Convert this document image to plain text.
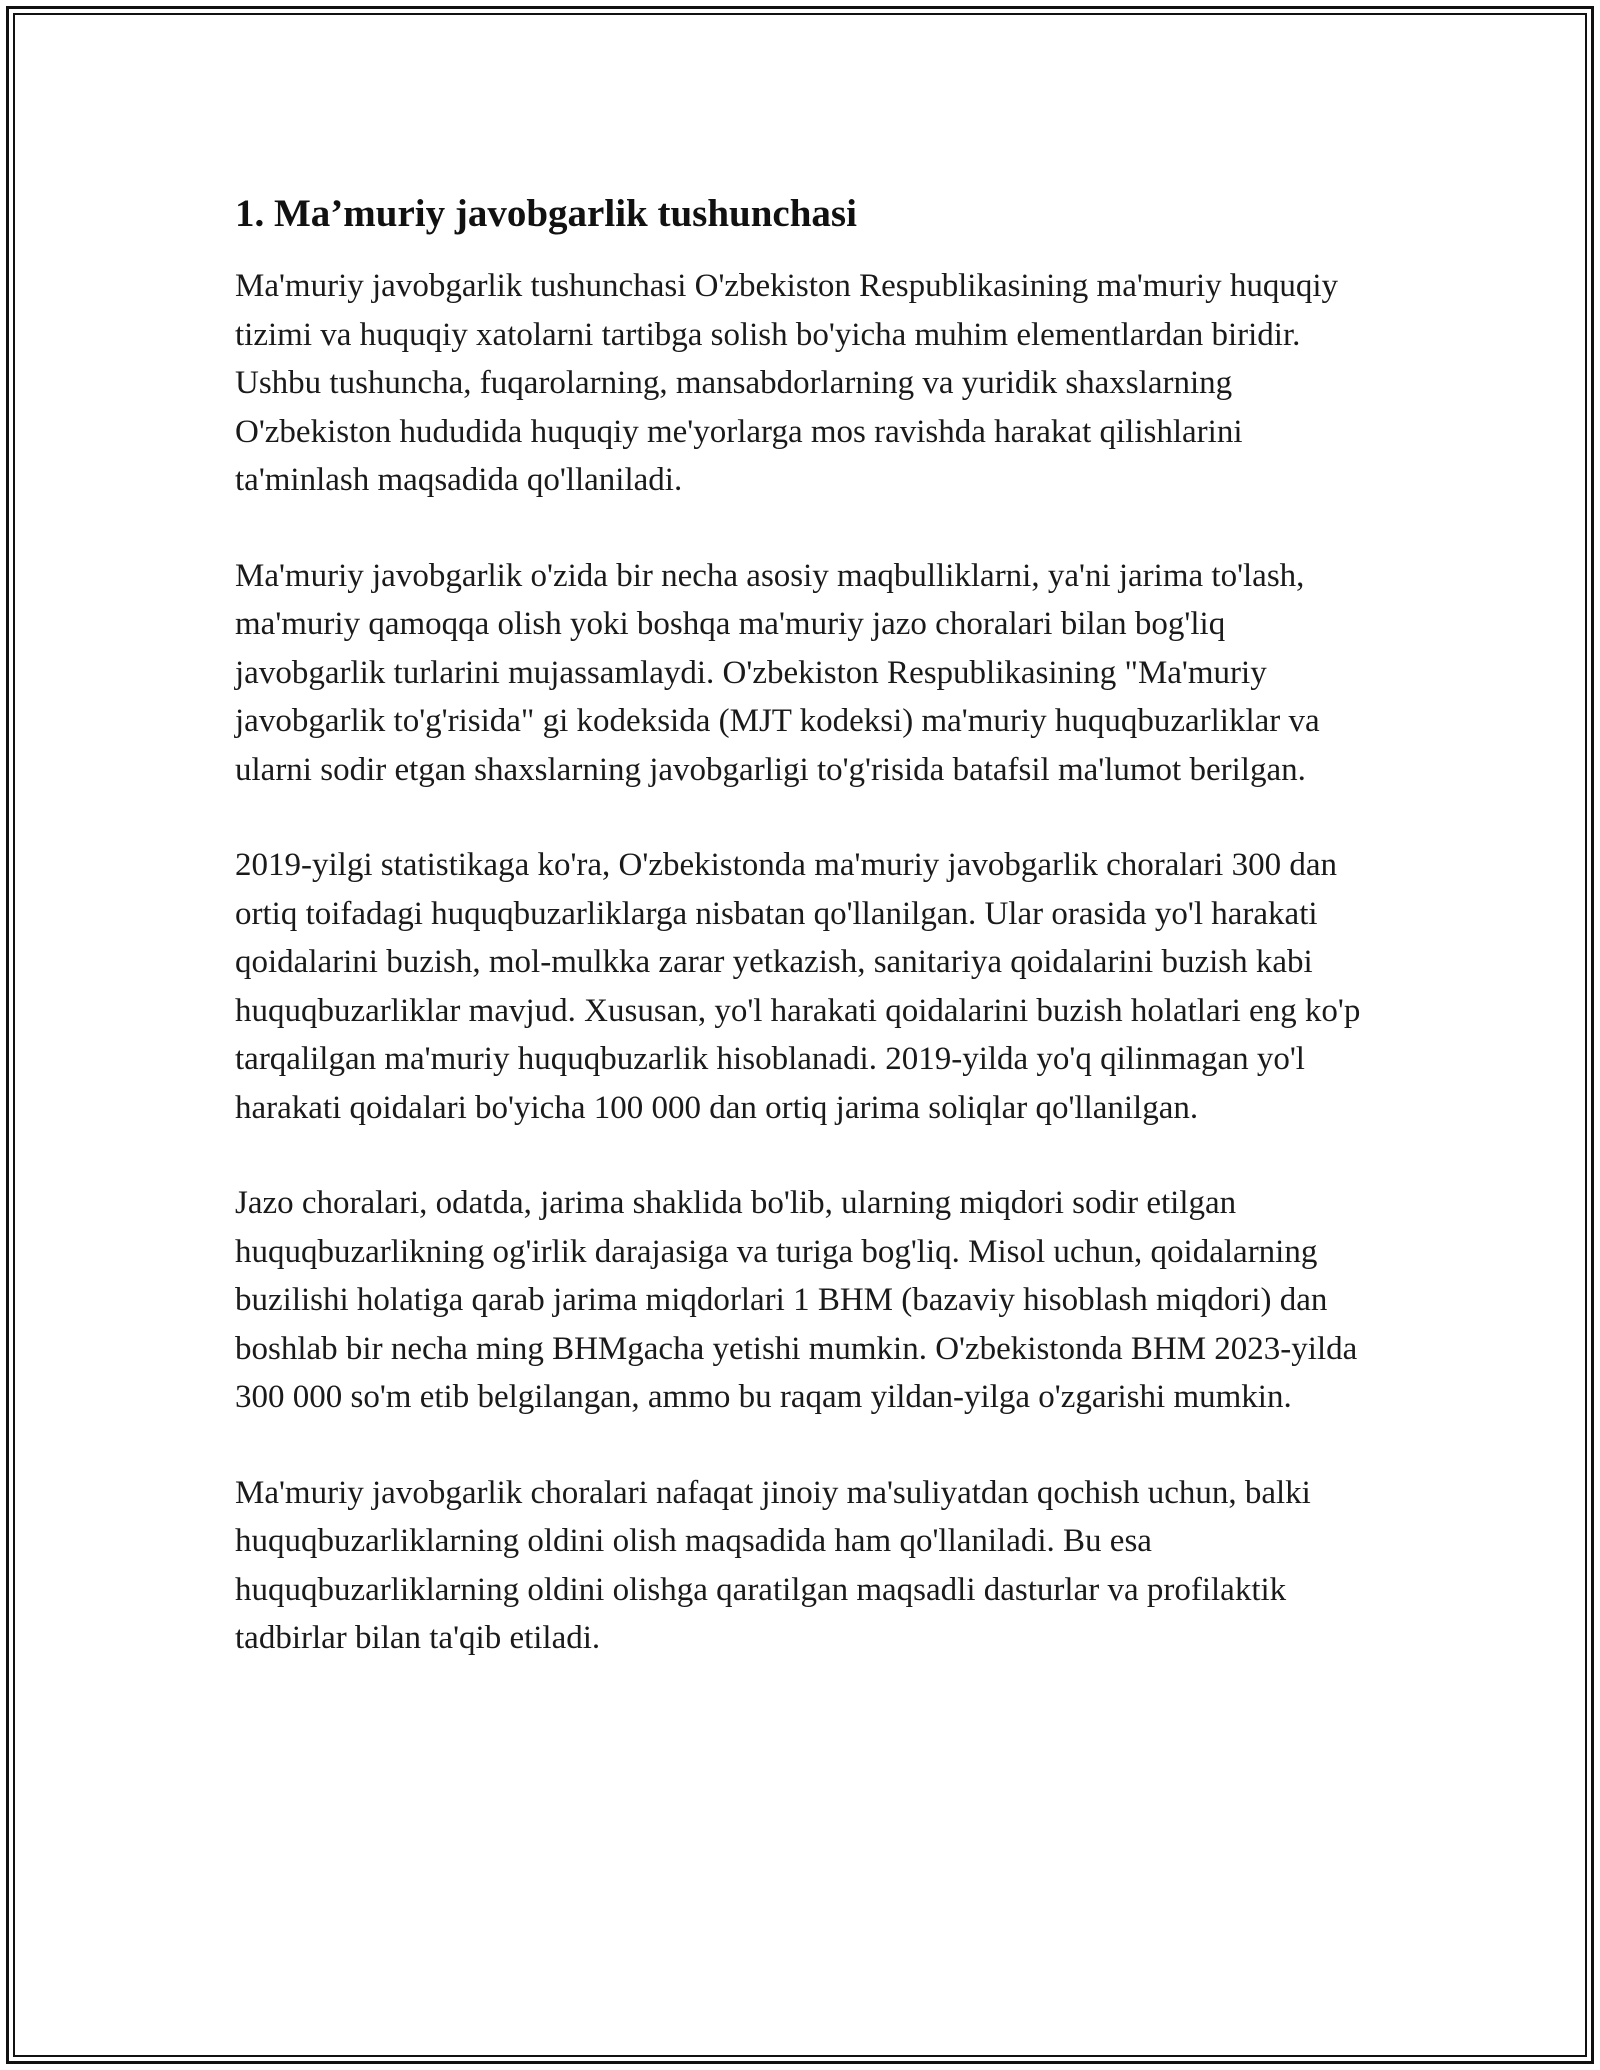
1. Ma’muriy javobgarlik tushunchasi

Ma'muriy javobgarlik tushunchasi O'zbekiston Respublikasining ma'muriy huquqiy tizimi va huquqiy xatolarni tartibga solish bo'yicha muhim elementlardan biridir. Ushbu tushuncha, fuqarolarning, mansabdorlarning va yuridik shaxslarning O'zbekiston hududida huquqiy me'yorlarga mos ravishda harakat qilishlarini ta'minlash maqsadida qo'llaniladi.

Ma'muriy javobgarlik o'zida bir necha asosiy maqbulliklarni, ya'ni jarima to'lash, ma'muriy qamoqqa olish yoki boshqa ma'muriy jazo choralari bilan bog'liq javobgarlik turlarini mujassamlaydi. O'zbekiston Respublikasining "Ma'muriy javobgarlik to'g'risida" gi kodeksida (MJT kodeksi) ma'muriy huquqbuzarliklar va ularni sodir etgan shaxslarning javobgarligi to'g'risida batafsil ma'lumot berilgan.

2019-yilgi statistikaga ko'ra, O'zbekistonda ma'muriy javobgarlik choralari 300 dan ortiq toifadagi huquqbuzarliklarga nisbatan qo'llanilgan. Ular orasida yo'l harakati qoidalarini buzish, mol-mulkka zarar yetkazish, sanitariya qoidalarini buzish kabi huquqbuzarliklar mavjud. Xususan, yo'l harakati qoidalarini buzish holatlari eng ko'p tarqalilgan ma'muriy huquqbuzarlik hisoblanadi. 2019-yilda yo'q qilinmagan yo'l harakati qoidalari bo'yicha 100 000 dan ortiq jarima soliqlar qo'llanilgan.

Jazo choralari, odatda, jarima shaklida bo'lib, ularning miqdori sodir etilgan huquqbuzarlikning og'irlik darajasiga va turiga bog'liq. Misol uchun, qoidalarning buzilishi holatiga qarab jarima miqdorlari 1 BHM (bazaviy hisoblash miqdori) dan boshlab bir necha ming BHMgacha yetishi mumkin. O'zbekistonda BHM 2023-yilda 300 000 so'm etib belgilangan, ammo bu raqam yildan-yilga o'zgarishi mumkin.

Ma'muriy javobgarlik choralari nafaqat jinoiy ma'suliyatdan qochish uchun, balki huquqbuzarliklarning oldini olish maqsadida ham qo'llaniladi. Bu esa huquqbuzarliklarning oldini olishga qaratilgan maqsadli dasturlar va profilaktik tadbirlar bilan ta'qib etiladi.
